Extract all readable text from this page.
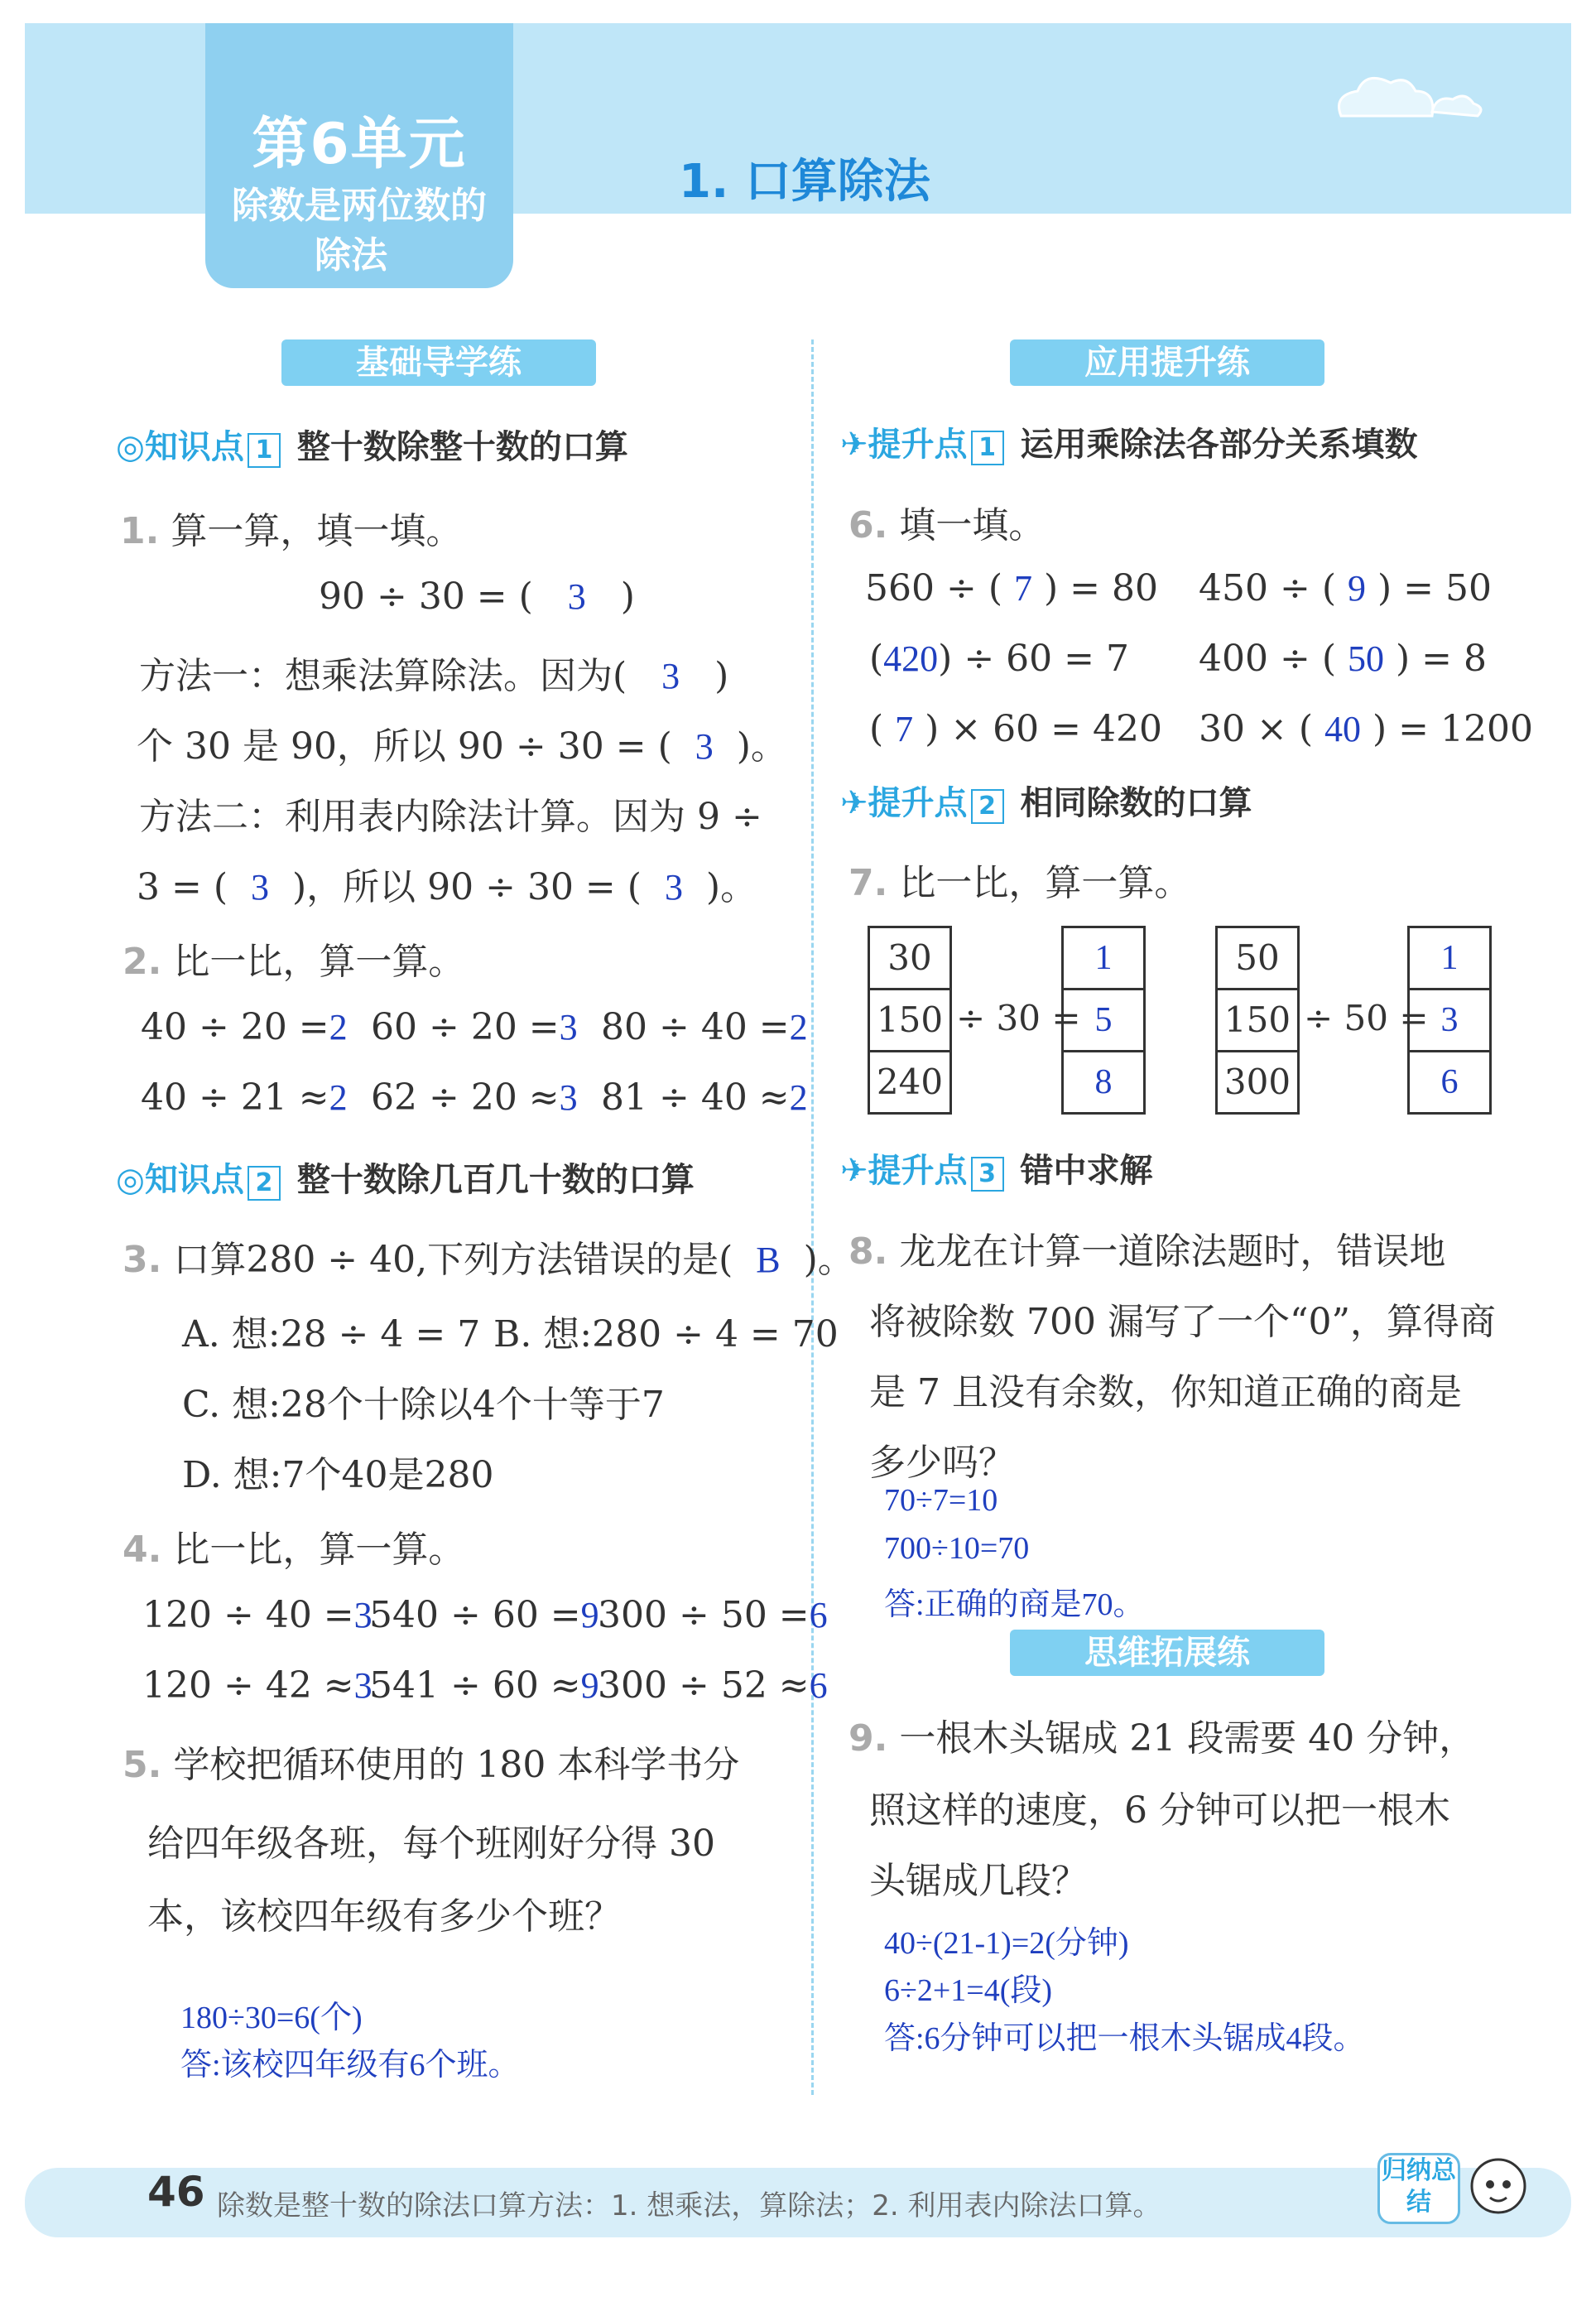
第6单元
除数是两位数的
除法
1. 口算除法
基础导学练
◎知识点 1 整十数除整十数的口算
1. 算一算，填一填。
90 ÷ 30 = ( 3 )
方法一：想乘法算除法。因为( 3 )
个 30 是 90，所以 90 ÷ 30 = ( 3 )。
方法二：利用表内除法计算。因为 9 ÷
3 = ( 3 )，所以 90 ÷ 30 = ( 3 )。
2. 比一比，算一算。
40 ÷ 20 =2 60 ÷ 20 =3 80 ÷ 40 =2
40 ÷ 21 ≈2 62 ÷ 20 ≈3 81 ÷ 40 ≈2
◎知识点 2 整十数除几百几十数的口算
3. 口算280 ÷ 40,下列方法错误的是( B )。
A. 想:28 ÷ 4 = 7 B. 想:280 ÷ 4 = 70
C. 想:28个十除以4个十等于7
D. 想:7个40是280
4. 比一比，算一算。
120 ÷ 40 =3
540 ÷ 60 =9
300 ÷ 50 =6
120 ÷ 42 ≈3
541 ÷ 60 ≈9
300 ÷ 52 ≈6
5. 学校把循环使用的 180 本科学书分
给四年级各班，每个班刚好分得 30
本，该校四年级有多少个班？
180÷30=6(个)
答:该校四年级有6个班。
应用提升练
✈提升点 1 运用乘除法各部分关系填数
6. 填一填。
560 ÷ ( 7 ) = 80 450 ÷ ( 9 ) = 50
(420) ÷ 60 = 7 400 ÷ ( 50 ) = 8
( 7 ) × 60 = 420 30 × ( 40 ) = 1200
✈提升点 2 相同除数的口算
7. 比一比，算一算。
30
150
240
÷ 30 =
1
5
8
50
150
300
÷ 50 =
1
3
6
✈提升点 3 错中求解
8. 龙龙在计算一道除法题时，错误地
将被除数 700 漏写了一个“0”，算得商
是 7 且没有余数，你知道正确的商是
多少吗？
70÷7=10
700÷10=70
答:正确的商是70。
思维拓展练
9. 一根木头锯成 21 段需要 40 分钟，
照这样的速度，6 分钟可以把一根木
头锯成几段？
40÷(21-1)=2(分钟)
6÷2+1=4(段)
答:6分钟可以把一根木头锯成4段。
46 除数是整十数的除法口算方法：1. 想乘法，算除法；2. 利用表内除法口算。
归纳总结
